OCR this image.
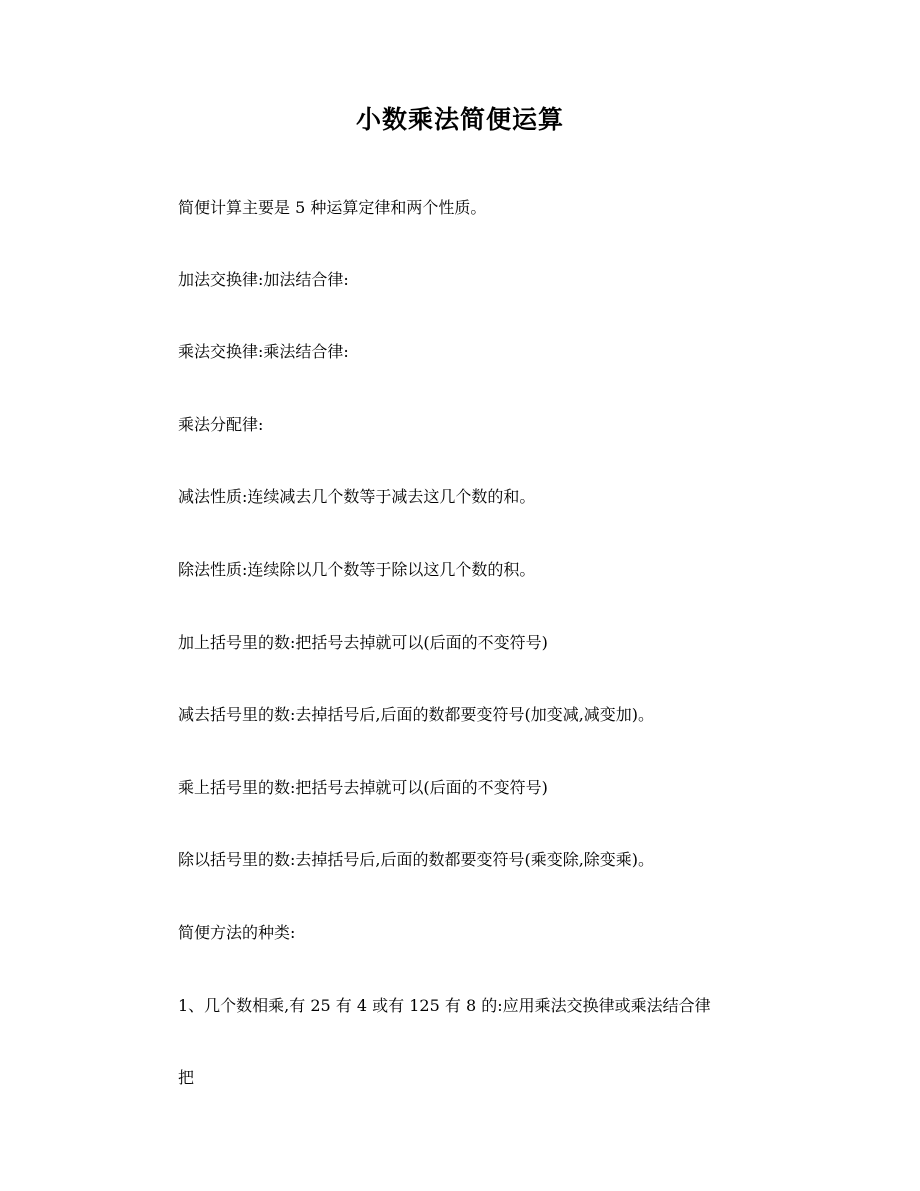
小数乘法简便运算

简便计算主要是 5 种运算定律和两个性质。

加法交换律:加法结合律:

乘法交换律:乘法结合律:

乘法分配律:

减法性质:连续减去几个数等于减去这几个数的和。

除法性质:连续除以几个数等于除以这几个数的积。

加上括号里的数:把括号去掉就可以(后面的不变符号)

减去括号里的数:去掉括号后,后面的数都要变符号(加变减,减变加)。

乘上括号里的数:把括号去掉就可以(后面的不变符号)

除以括号里的数:去掉括号后,后面的数都要变符号(乘变除,除变乘)。

简便方法的种类:

1、几个数相乘,有 25 有 4 或有 125 有 8 的:应用乘法交换律或乘法结合律

把
